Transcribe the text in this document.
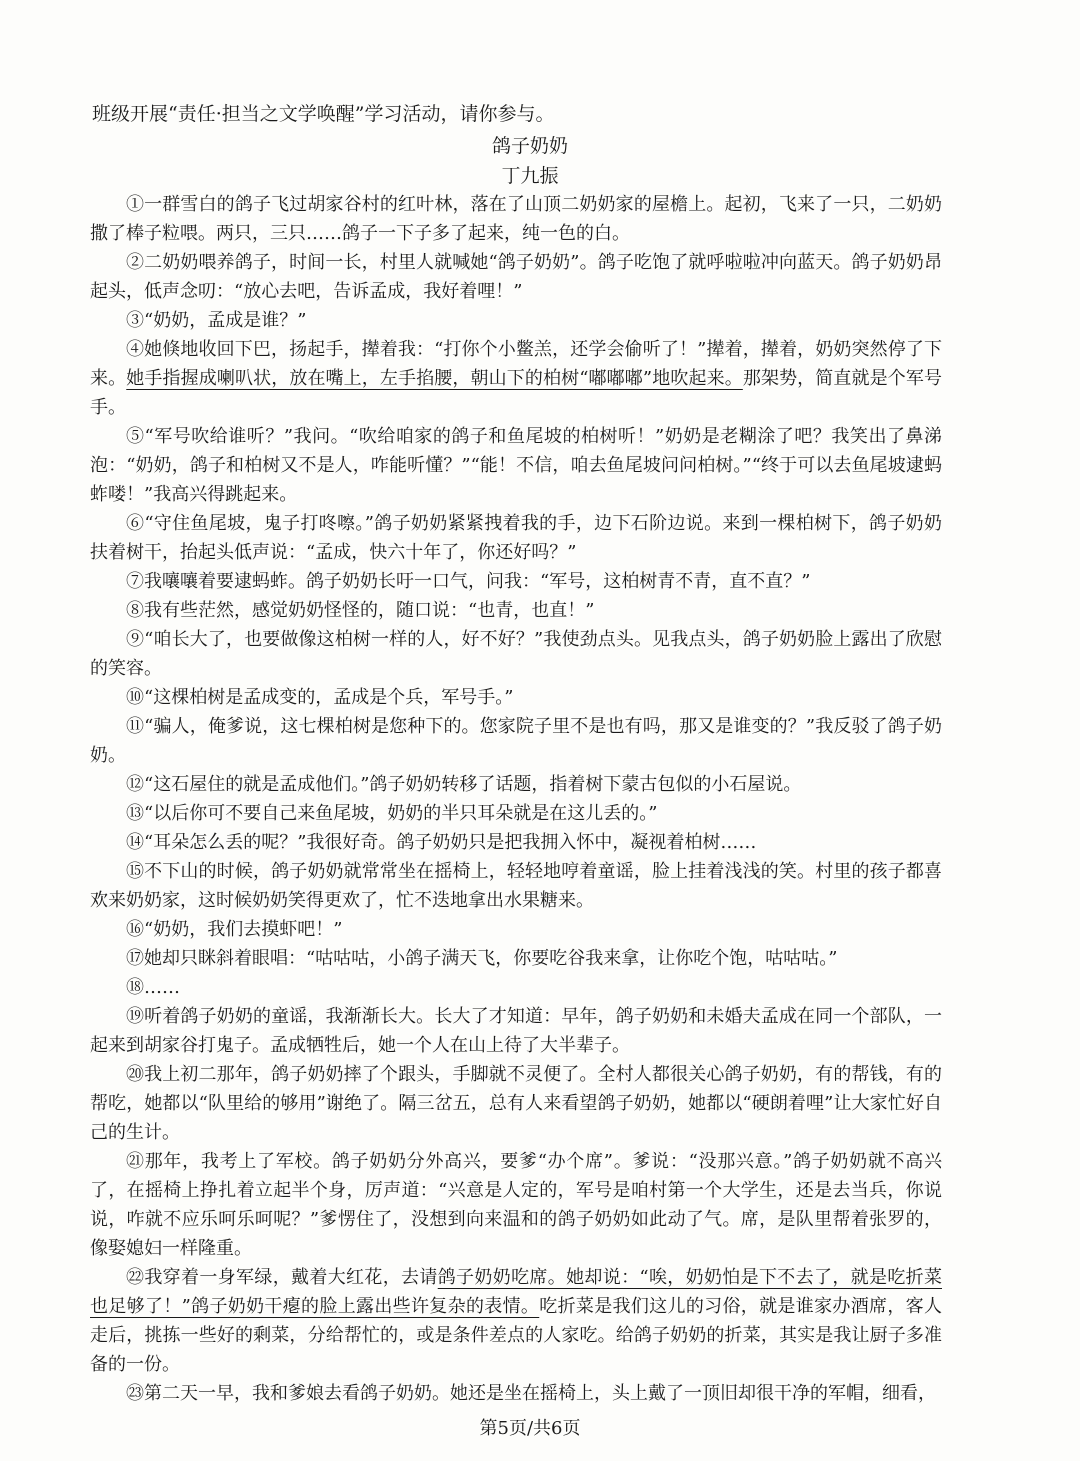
班级开展“责任·担当之文学唤醒”学习活动，请你参与。

鸽子奶奶

丁九振

①一群雪白的鸽子飞过胡家谷村的红叶林，落在了山顶二奶奶家的屋檐上。起初，飞来了一只，二奶奶撒了棒子粒喂。两只，三只……鸽子一下子多了起来，纯一色的白。

②二奶奶喂养鸽子，时间一长，村里人就喊她“鸽子奶奶”。鸽子吃饱了就呼啦啦冲向蓝天。鸽子奶奶昂起头，低声念叨：“放心去吧，告诉孟成，我好着哩！”

③“奶奶，孟成是谁？”

④她倏地收回下巴，扬起手，撵着我：“打你个小鳖羔，还学会偷听了！”撵着，撵着，奶奶突然停了下来。她手指握成喇叭状，放在嘴上，左手掐腰，朝山下的柏树“嘟嘟嘟”地吹起来。那架势，简直就是个军号手。

⑤“军号吹给谁听？”我问。“吹给咱家的鸽子和鱼尾坡的柏树听！”奶奶是老糊涂了吧？我笑出了鼻涕泡：“奶奶，鸽子和柏树又不是人，咋能听懂？”“能！不信，咱去鱼尾坡问问柏树。”“终于可以去鱼尾坡逮蚂蚱喽！”我高兴得跳起来。

⑥“守住鱼尾坡，鬼子打咚嚓。”鸽子奶奶紧紧拽着我的手，边下石阶边说。来到一棵柏树下，鸽子奶奶扶着树干，抬起头低声说：“孟成，快六十年了，你还好吗？”

⑦我嚷嚷着要逮蚂蚱。鸽子奶奶长吁一口气，问我：“军号，这柏树青不青，直不直？”

⑧我有些茫然，感觉奶奶怪怪的，随口说：“也青，也直！”

⑨“咱长大了，也要做像这柏树一样的人，好不好？”我使劲点头。见我点头，鸽子奶奶脸上露出了欣慰的笑容。

⑩“这棵柏树是孟成变的，孟成是个兵，军号手。”

⑪“骗人，俺爹说，这七棵柏树是您种下的。您家院子里不是也有吗，那又是谁变的？”我反驳了鸽子奶奶。

⑫“这石屋住的就是孟成他们。”鸽子奶奶转移了话题，指着树下蒙古包似的小石屋说。

⑬“以后你可不要自己来鱼尾坡，奶奶的半只耳朵就是在这儿丢的。”

⑭“耳朵怎么丢的呢？”我很好奇。鸽子奶奶只是把我拥入怀中，凝视着柏树……

⑮不下山的时候，鸽子奶奶就常常坐在摇椅上，轻轻地哼着童谣，脸上挂着浅浅的笑。村里的孩子都喜欢来奶奶家，这时候奶奶笑得更欢了，忙不迭地拿出水果糖来。

⑯“奶奶，我们去摸虾吧！”

⑰她却只眯斜着眼唱：“咕咕咕，小鸽子满天飞，你要吃谷我来拿，让你吃个饱，咕咕咕。”

⑱……

⑲听着鸽子奶奶的童谣，我渐渐长大。长大了才知道：早年，鸽子奶奶和未婚夫孟成在同一个部队，一起来到胡家谷打鬼子。孟成牺牲后，她一个人在山上待了大半辈子。

⑳我上初二那年，鸽子奶奶摔了个跟头，手脚就不灵便了。全村人都很关心鸽子奶奶，有的帮钱，有的帮吃，她都以“队里给的够用”谢绝了。隔三岔五，总有人来看望鸽子奶奶，她都以“硬朗着哩”让大家忙好自己的生计。

㉑那年，我考上了军校。鸽子奶奶分外高兴，要爹“办个席”。爹说：“没那兴意。”鸽子奶奶就不高兴了，在摇椅上挣扎着立起半个身，厉声道：“兴意是人定的，军号是咱村第一个大学生，还是去当兵，你说说，咋就不应乐呵乐呵呢？”爹愣住了，没想到向来温和的鸽子奶奶如此动了气。席，是队里帮着张罗的，像娶媳妇一样隆重。

㉒我穿着一身军绿，戴着大红花，去请鸽子奶奶吃席。她却说：“唉，奶奶怕是下不去了，就是吃折菜也足够了！”鸽子奶奶干瘪的脸上露出些许复杂的表情。吃折菜是我们这儿的习俗，就是谁家办酒席，客人走后，挑拣一些好的剩菜，分给帮忙的，或是条件差点的人家吃。给鸽子奶奶的折菜，其实是我让厨子多准备的一份。

㉓第二天一早，我和爹娘去看鸽子奶奶。她还是坐在摇椅上，头上戴了一顶旧却很干净的军帽，细看，

第5页/共6页
